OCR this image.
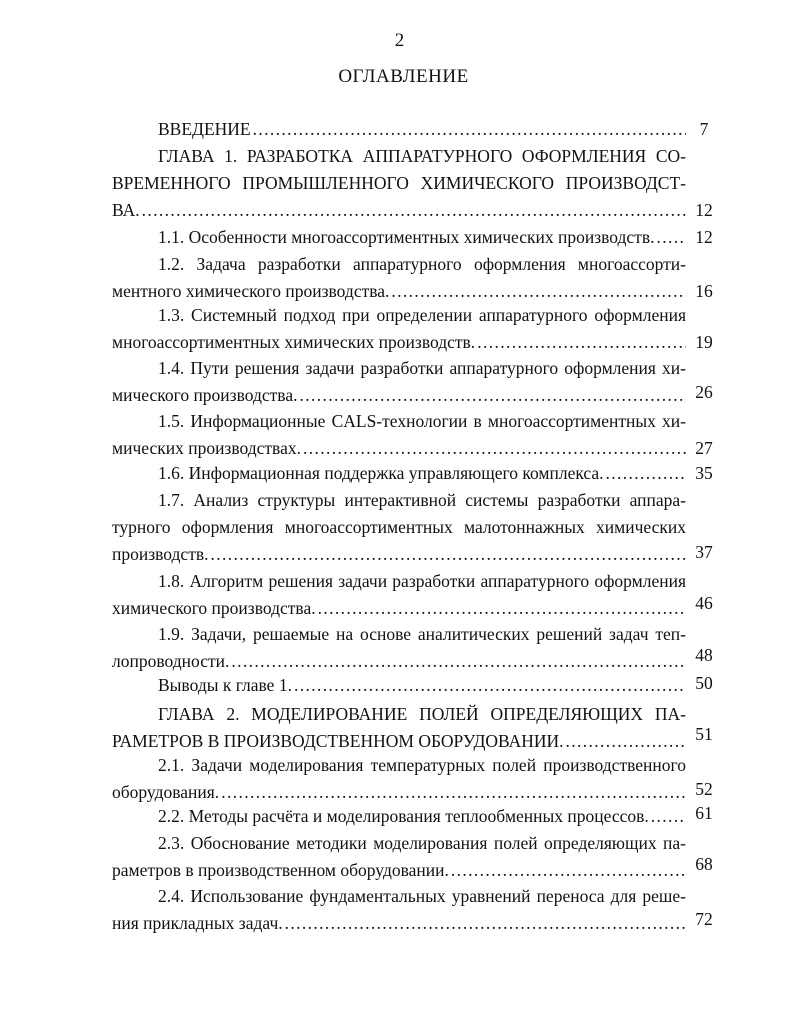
2
ОГЛАВЛЕНИЕ
ВВЕДЕНИЕ . . .	7
ГЛАВА 1. РАЗРАБОТКА АППАРАТУРНОГО ОФОРМЛЕНИЯ СО-
ВРЕМЕННОГО ПРОМЫШЛЕННОГО ХИМИЧЕСКОГО ПРОИЗВОДСТ-
ВА. . . .	12
1.1. Особенности многоассортиментных химических производств. . . .	12
1.2. Задача разработки аппаратурного оформления многоассорти-
ментного химического производства. . . .	16
1.3. Системный подход при определении аппаратурного оформления
многоассортиментных химических производств. . . .	19
1.4. Пути решения задачи разработки аппаратурного оформления хи-
мического производства. . . .	26
1.5. Информационные CALS-технологии в многоассортиментных хи-
мических производствах. . . .	27
1.6. Информационная поддержка управляющего комплекса. . . .	35
1.7. Анализ структуры интерактивной системы разработки аппара-
турного оформления многоассортиментных малотоннажных химических
производств. . . .	37
1.8. Алгоритм решения задачи разработки аппаратурного оформления
химического производства. . . .	46
1.9. Задачи, решаемые на основе аналитических решений задач теп-
лопроводности. . . .	48
Выводы к главе 1. . . .	50
ГЛАВА 2. МОДЕЛИРОВАНИЕ ПОЛЕЙ ОПРЕДЕЛЯЮЩИХ ПА-
РАМЕТРОВ В ПРОИЗВОДСТВЕННОМ ОБОРУДОВАНИИ. . . .	51
2.1. Задачи моделирования температурных полей производственного
оборудования. . . .	52
2.2. Методы расчёта и моделирования теплообменных процессов. . . .	61
2.3. Обоснование методики моделирования полей определяющих па-
раметров в производственном оборудовании. . . .	68
2.4. Использование фундаментальных уравнений переноса для реше-
ния прикладных задач. . . .	72
